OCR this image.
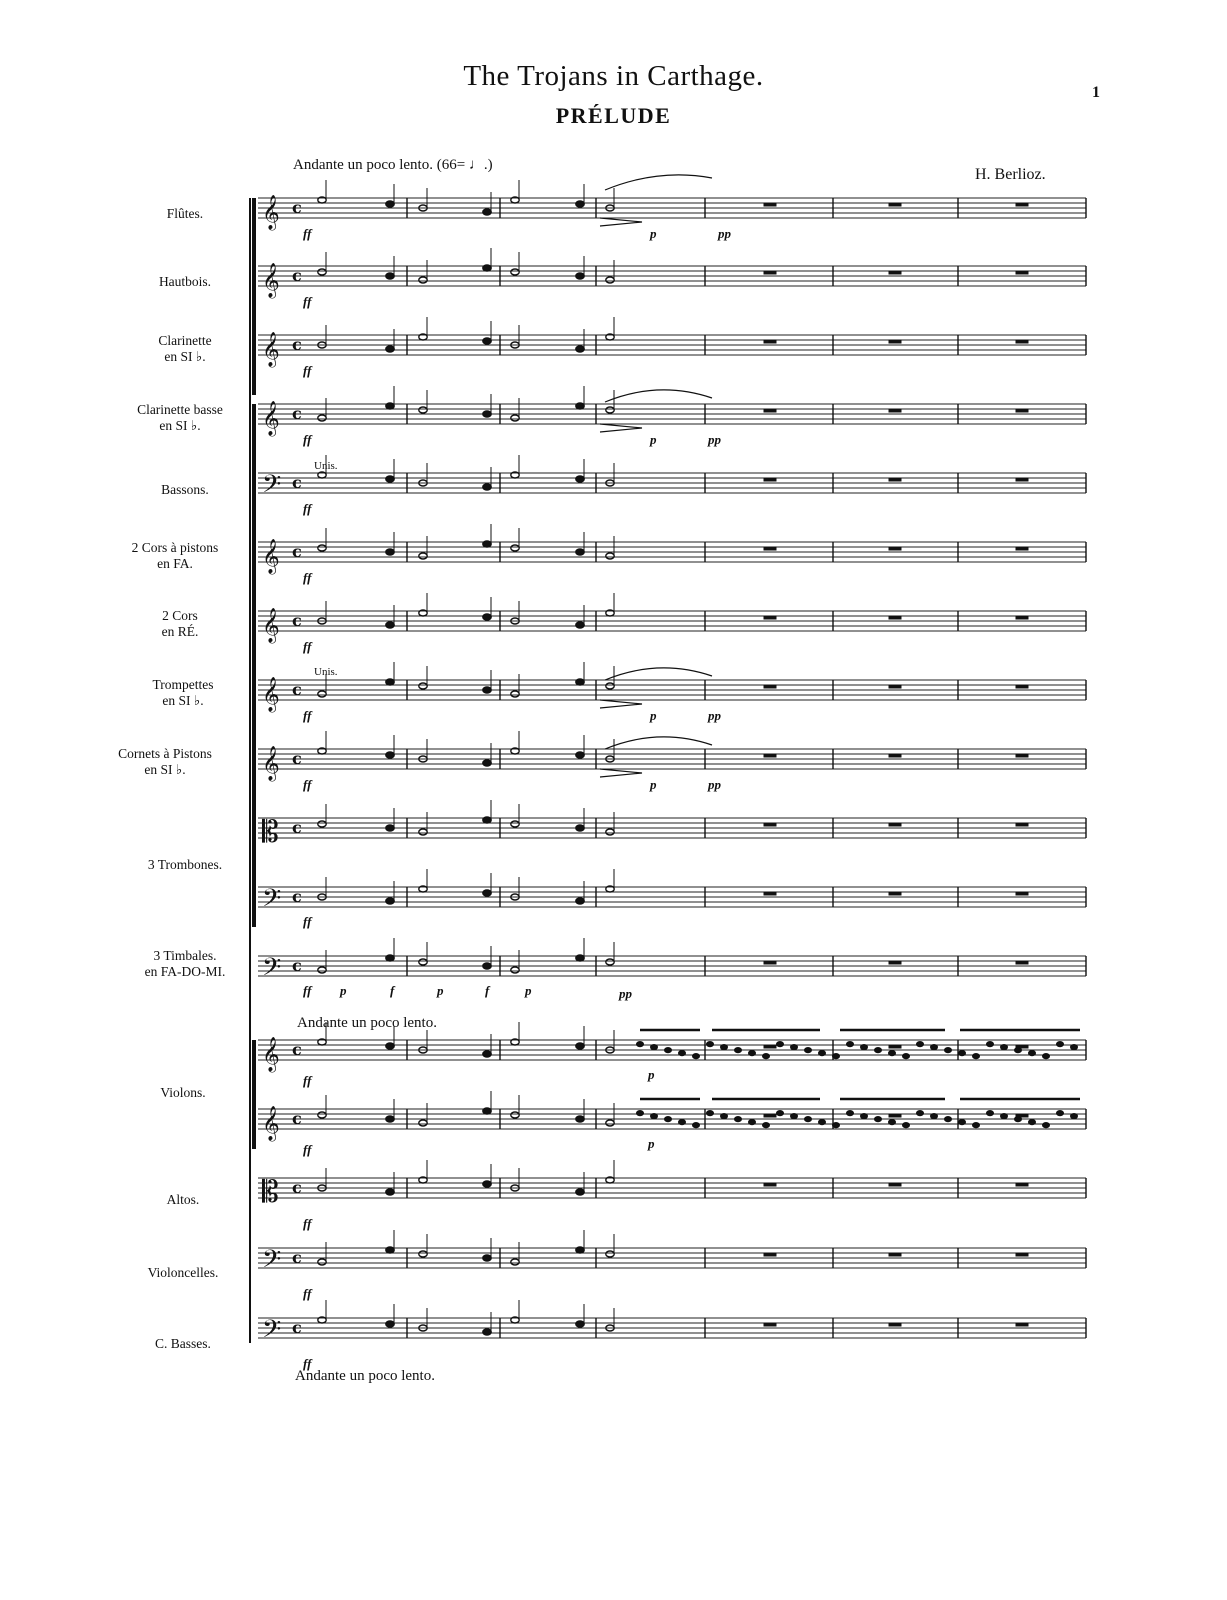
The Trojans in Carthage.
PRÉLUDE
1
H. Berlioz.
Andante un poco lento. (66= ♩.)
Andante un poco lento.
Andante un poco lento.
Flûtes.
Hautbois.
Clarinette
en SI ♭.
Clarinette basse
en SI ♭.
Bassons.
2 Cors à pistons
en FA.
2 Cors
en RÉ.
Trompettes
en SI ♭.
Cornets à Pistons
en SI ♭.
3 Trombones.
3 Timbales.
en FA-DO-MI.
Violons.
Altos.
Violoncelles.
C. Basses.
Unis.
Unis.
ff
ff
ff
ff
ff
ff
ff
ff
ff
ff
ff
ff
ff
ff
ff
ff
p	pp
p	pp
p	pp
p	pp
p	f	p	f	p	pp
p
p
𝄞 c
𝄞 c
𝄞 c
𝄞 c
𝄢 c
𝄞 c
𝄞 c
𝄞 c
𝄞 c
𝄡 c
𝄢 c
𝄢 c
𝄞 c
𝄞 c
𝄡 c
𝄢 c
𝄢 c
